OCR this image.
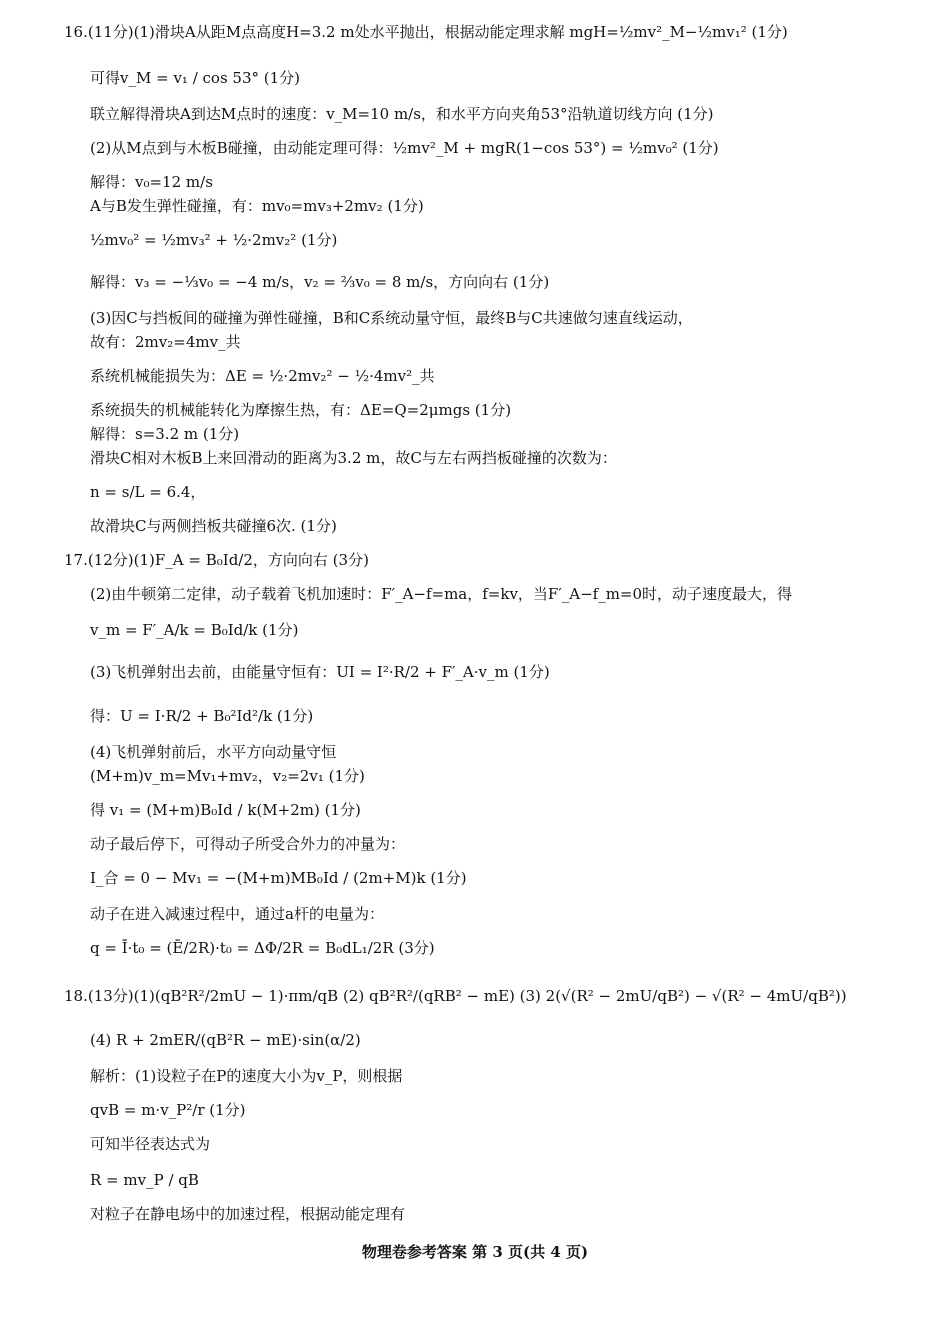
16.(11分)(1)滑块A从距M点高度H=3.2 m处水平抛出，根据动能定理求解 mgH=½mv²_M−½mv₁² (1分)
可得v_M = v₁ / cos 53° (1分)
联立解得滑块A到达M点时的速度：v_M=10 m/s，和水平方向夹角53°沿轨道切线方向 (1分)
(2)从M点到与木板B碰撞，由动能定理可得：½mv²_M + mgR(1−cos 53°) = ½mv₀² (1分)
解得：v₀=12 m/s
A与B发生弹性碰撞，有：mv₀=mv₃+2mv₂ (1分)
½mv₀² = ½mv₃² + ½·2mv₂² (1分)
解得：v₃ = −⅓v₀ = −4 m/s，v₂ = ⅔v₀ = 8 m/s，方向向右 (1分)
(3)因C与挡板间的碰撞为弹性碰撞，B和C系统动量守恒，最终B与C共速做匀速直线运动，
故有：2mv₂=4mv_共
系统机械能损失为：ΔE = ½·2mv₂² − ½·4mv²_共
系统损失的机械能转化为摩擦生热，有：ΔE=Q=2μmgs (1分)
解得：s=3.2 m (1分)
滑块C相对木板B上来回滑动的距离为3.2 m，故C与左右两挡板碰撞的次数为：
n = s/L = 6.4，
故滑块C与两侧挡板共碰撞6次. (1分)
17.(12分)(1)F_A = B₀Id/2，方向向右 (3分)
(2)由牛顿第二定律，动子载着飞机加速时：F′_A−f=ma，f=kv，当F′_A−f_m=0时，动子速度最大，得
v_m = F′_A/k = B₀Id/k (1分)
(3)飞机弹射出去前，由能量守恒有：UI = I²·R/2 + F′_A·v_m (1分)
得：U = I·R/2 + B₀²Id²/k (1分)
(4)飞机弹射前后，水平方向动量守恒
(M+m)v_m=Mv₁+mv₂，v₂=2v₁ (1分)
得 v₁ = (M+m)B₀Id / k(M+2m) (1分)
动子最后停下，可得动子所受合外力的冲量为：
I_合 = 0 − Mv₁ = −(M+m)MB₀Id / (2m+M)k (1分)
动子在进入减速过程中，通过a杆的电量为：
q = Ī·t₀ = (Ē/2R)·t₀ = ΔΦ/2R = B₀dL₁/2R (3分)
18.(13分)(1)(qB²R²/2mU − 1)·πm/qB (2) qB²R²/(qRB² − mE) (3) 2(√(R² − 2mU/qB²) − √(R² − 4mU/qB²))
(4) R + 2mER/(qB²R − mE)·sin(α/2)
解析：(1)设粒子在P的速度大小为v_P，则根据
qvB = m·v_P²/r (1分)
可知半径表达式为
R = mv_P / qB
对粒子在静电场中的加速过程，根据动能定理有
物理卷参考答案 第 3 页(共 4 页)
